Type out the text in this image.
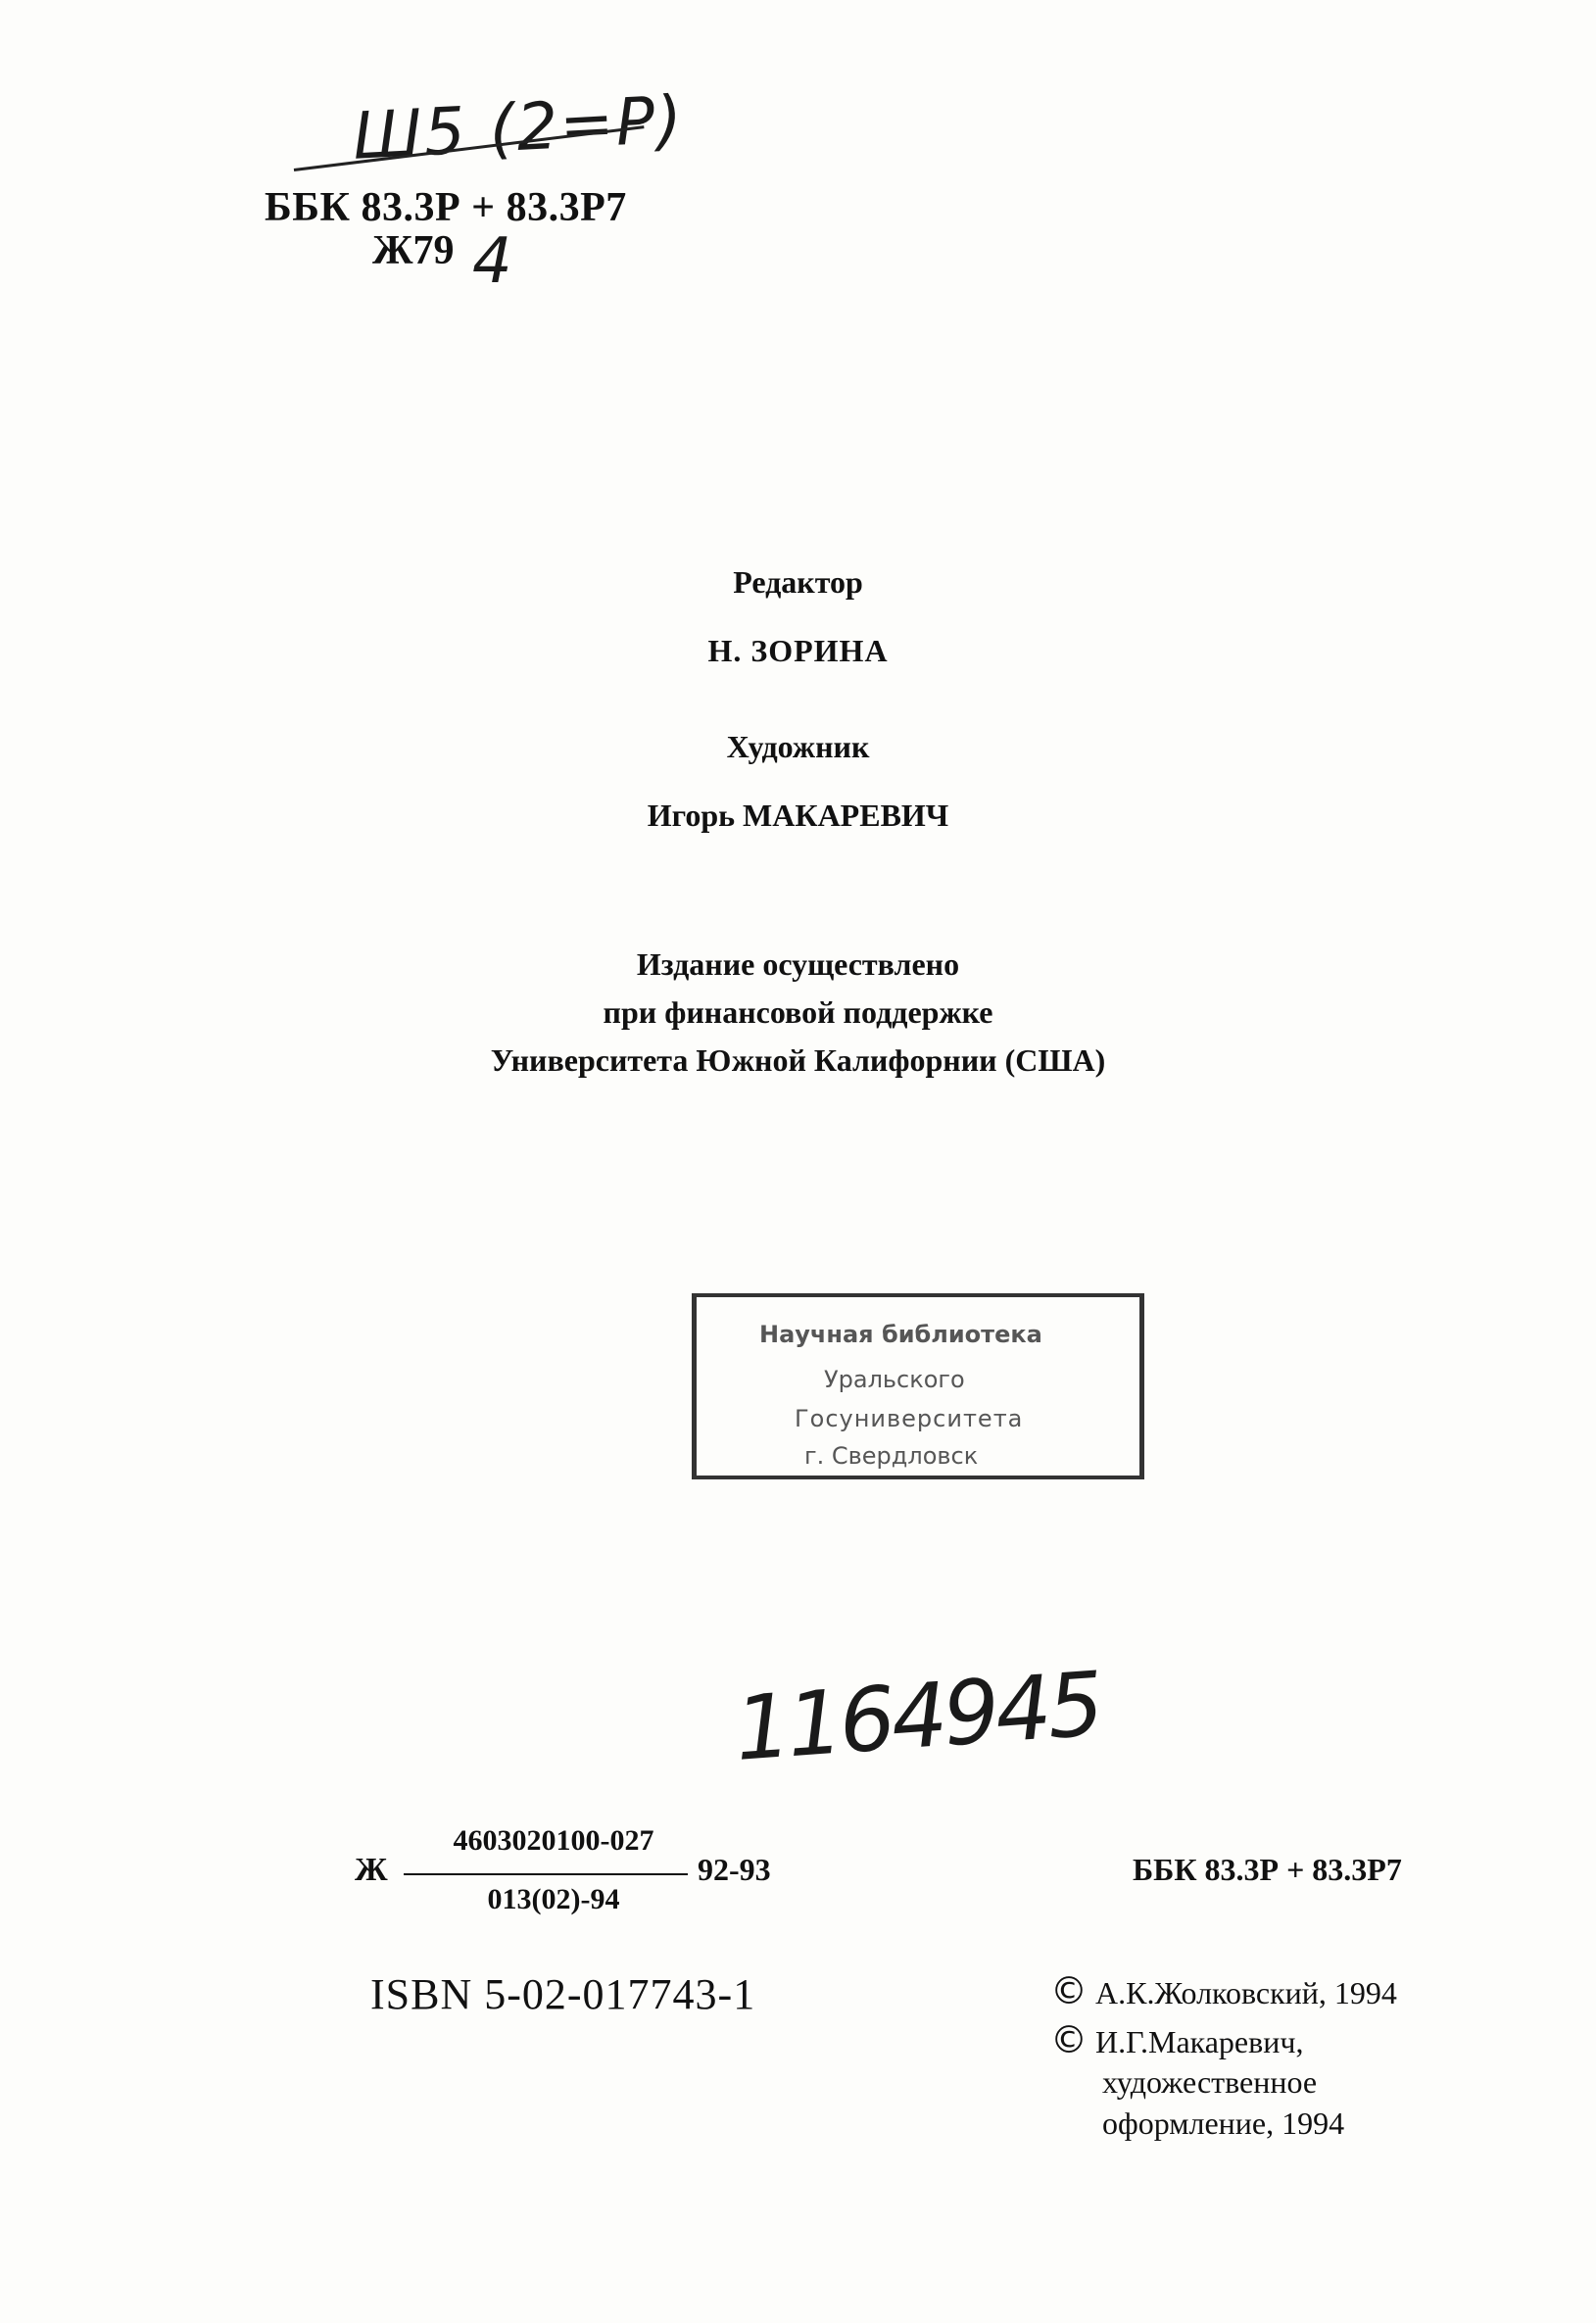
Ш5 (2=Р)
ББК 83.3Р + 83.3Р7
Ж79 4
Редактор
Н. ЗОРИНА
Художник
Игорь МАКАРЕВИЧ
Издание осуществлено
при финансовой поддержке
Университета Южной Калифорнии (США)
Научная библиотека
Уральского
Госуниверситета
г. Свердловск
1164945
Ж
4603020100-027
013(02)-94
92-93	ББК 83.3Р + 83.3Р7
ISBN 5-02-017743-1	© А.К.Жолковский, 1994
© И.Г.Макаревич,
художественное
оформление, 1994
